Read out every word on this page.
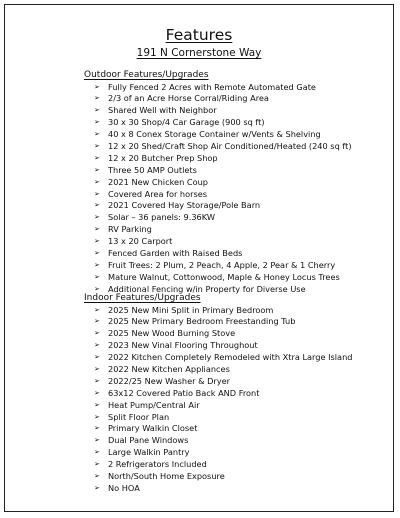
Features
191 N Cornerstone Way
Outdoor Features/Upgrades
➢ Fully Fenced 2 Acres with Remote Automated Gate
➢ 2/3 of an Acre Horse Corral/Riding Area
➢ Shared Well with Neighbor
➢ 30 x 30 Shop/4 Car Garage (900 sq ft)
➢ 40 x 8 Conex Storage Container w/Vents & Shelving
➢ 12 x 20 Shed/Craft Shop Air Conditioned/Heated (240 sq ft)
➢ 12 x 20 Butcher Prep Shop
➢ Three 50 AMP Outlets
➢ 2021 New Chicken Coup
➢ Covered Area for horses
➢ 2021 Covered Hay Storage/Pole Barn
➢ Solar – 36 panels: 9.36KW
➢ RV Parking
➢ 13 x 20 Carport
➢ Fenced Garden with Raised Beds
➢ Fruit Trees: 2 Plum, 2 Peach, 4 Apple, 2 Pear & 1 Cherry
➢ Mature Walnut, Cottonwood, Maple & Honey Locus Trees
➢ Additional Fencing w/in Property for Diverse Use
Indoor Features/Upgrades
➢ 2025 New Mini Split in Primary Bedroom
➢ 2025 New Primary Bedroom Freestanding Tub
➢ 2025 New Wood Burning Stove
➢ 2023 New Vinal Flooring Throughout
➢ 2022 Kitchen Completely Remodeled with Xtra Large Island
➢ 2022 New Kitchen Appliances
➢ 2022/25 New Washer & Dryer
➢ 63x12 Covered Patio Back AND Front
➢ Heat Pump/Central Air
➢ Split Floor Plan
➢ Primary Walkin Closet
➢ Dual Pane Windows
➢ Large Walkin Pantry
➢ 2 Refrigerators Included
➢ North/South Home Exposure
➢ No HOA
